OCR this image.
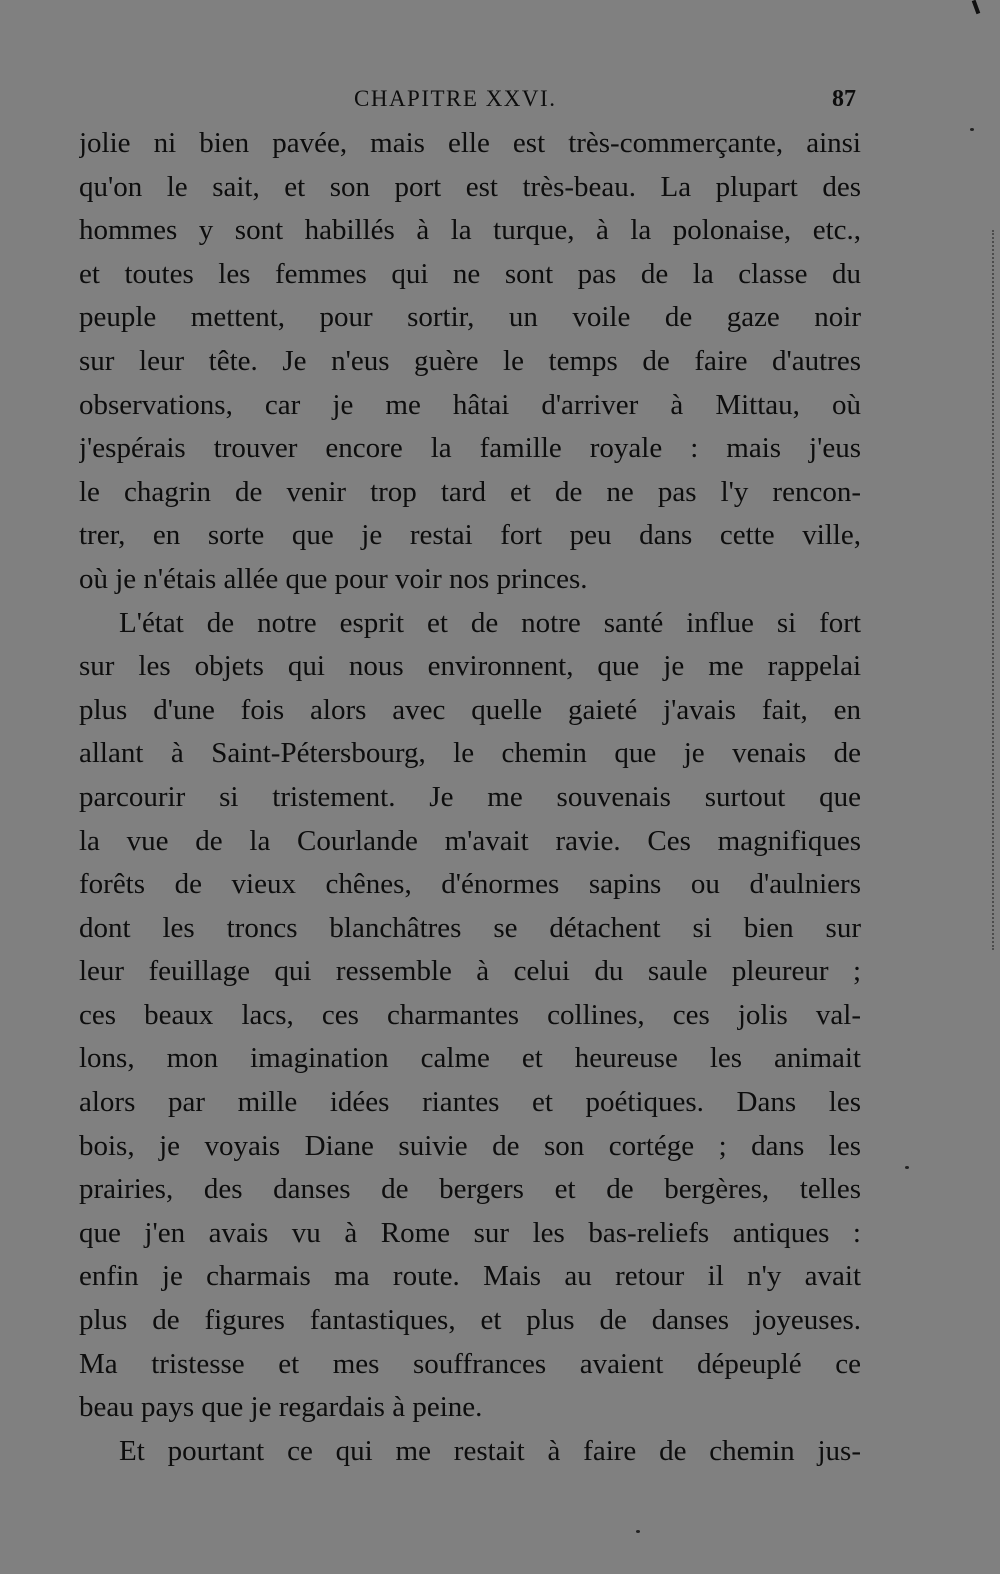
CHAPITRE XXVI.	87
jolie ni bien pavée, mais elle est très-commerçante, ainsi
qu'on le sait, et son port est très-beau. La plupart des
hommes y sont habillés à la turque, à la polonaise, etc.,
et toutes les femmes qui ne sont pas de la classe du
peuple mettent, pour sortir, un voile de gaze noir
sur leur tête. Je n'eus guère le temps de faire d'autres
observations, car je me hâtai d'arriver à Mittau, où
j'espérais trouver encore la famille royale : mais j'eus
le chagrin de venir trop tard et de ne pas l'y rencon-
trer, en sorte que je restai fort peu dans cette ville,
où je n'étais allée que pour voir nos princes.
L'état de notre esprit et de notre santé influe si fort
sur les objets qui nous environnent, que je me rappelai
plus d'une fois alors avec quelle gaieté j'avais fait, en
allant à Saint-Pétersbourg, le chemin que je venais de
parcourir si tristement. Je me souvenais surtout que
la vue de la Courlande m'avait ravie. Ces magnifiques
forêts de vieux chênes, d'énormes sapins ou d'aulniers
dont les troncs blanchâtres se détachent si bien sur
leur feuillage qui ressemble à celui du saule pleureur ;
ces beaux lacs, ces charmantes collines, ces jolis val-
lons, mon imagination calme et heureuse les animait
alors par mille idées riantes et poétiques. Dans les
bois, je voyais Diane suivie de son cortége ; dans les
prairies, des danses de bergers et de bergères, telles
que j'en avais vu à Rome sur les bas-reliefs antiques :
enfin je charmais ma route. Mais au retour il n'y avait
plus de figures fantastiques, et plus de danses joyeuses.
Ma tristesse et mes souffrances avaient dépeuplé ce
beau pays que je regardais à peine.
Et pourtant ce qui me restait à faire de chemin jus-
